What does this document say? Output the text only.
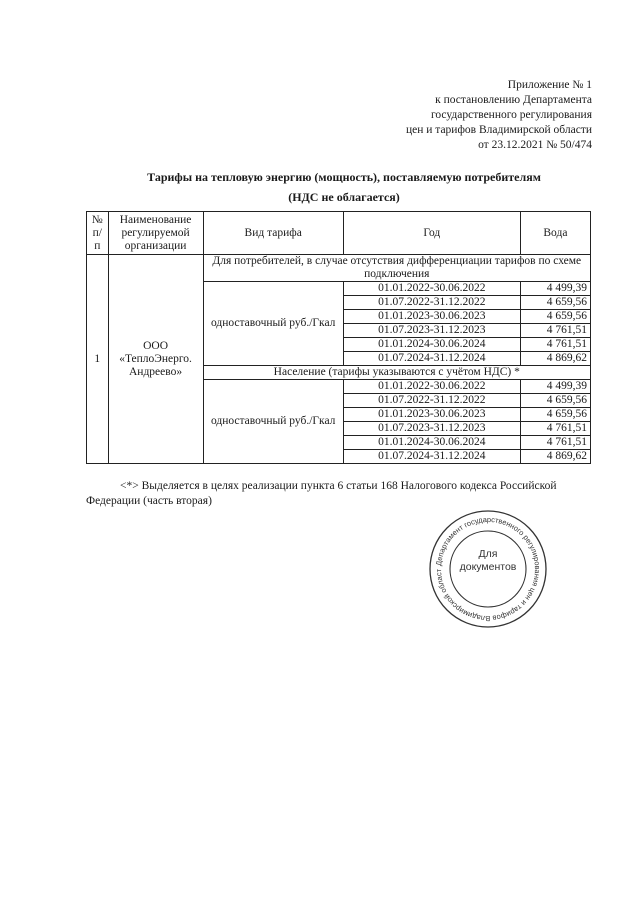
Приложение № 1
к постановлению Департамента
государственного регулирования
цен и тарифов Владимирской области
от 23.12.2021 № 50/474
Тарифы на тепловую энергию (мощность), поставляемую потребителям
(НДС не облагается)
№ п/п	Наименование регулируемой организации	Вид тарифа	Год	Вода
1	ООО «ТеплоЭнерго. Андреево»	Для потребителей, в случае отсутствия дифференциации тарифов по схеме подключения		
		одноставочный руб./Гкал	01.01.2022-30.06.2022	4 499,39
			01.07.2022-31.12.2022	4 659,56
			01.01.2023-30.06.2023	4 659,56
			01.07.2023-31.12.2023	4 761,51
			01.01.2024-30.06.2024	4 761,51
			01.07.2024-31.12.2024	4 869,62
		Население (тарифы указываются с учётом НДС) *		
		одноставочный руб./Гкал	01.01.2022-30.06.2022	4 499,39
			01.07.2022-31.12.2022	4 659,56
			01.01.2023-30.06.2023	4 659,56
			01.07.2023-31.12.2023	4 761,51
			01.01.2024-30.06.2024	4 761,51
			01.07.2024-31.12.2024	4 869,62
<*> Выделяется в целях реализации пункта 6 статьи 168 Налогового кодекса Российской Федерации (часть вторая)
Департамент государственного регулирования цен и тарифов Владимирской област
Для
документов
